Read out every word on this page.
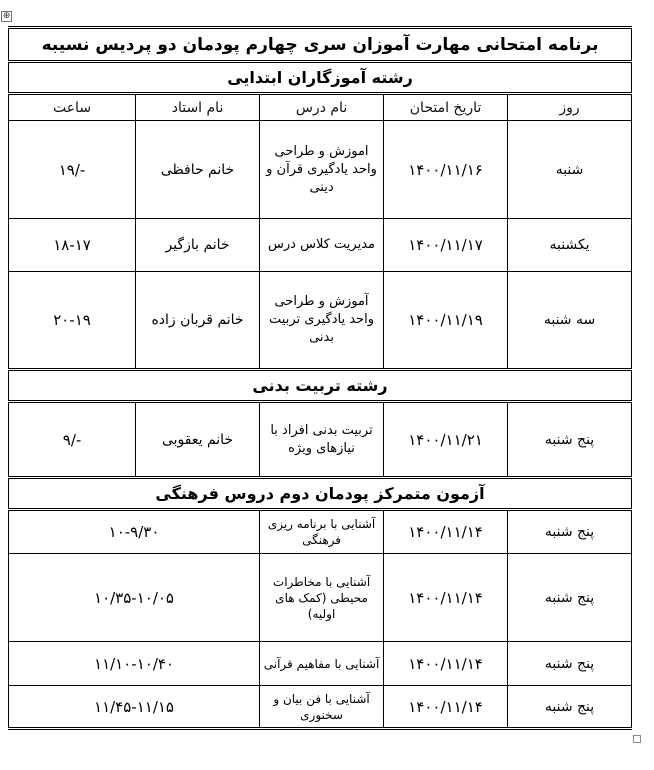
⊕
برنامه امتحانی مهارت آموزان سری چهارم پودمان دو پردیس نسیبه				
رشته آموزگاران ابتدایی				
روز	تاریخ امتحان	نام درس	نام استاد	ساعت
شنبه	۱۴۰۰/۱۱/۱۶	اموزش و طراحی واحد یادگیری قرآن و دینی	خانم حافظی	-/۱۹
یکشنبه	۱۴۰۰/۱۱/۱۷	مدیریت کلاس درس	خانم بازگیر	۱۸-۱۷
سه شنبه	۱۴۰۰/۱۱/۱۹	آموزش و طراحی واحد یادگیری تربیت بدنی	خانم قربان زاده	۲۰-۱۹
رشته تربیت بدنی				
پنج شنبه	۱۴۰۰/۱۱/۲۱	تربیت بدنی افراد با نیازهای ویژه	خانم یعقوبی	-/۹
آزمون متمرکز پودمان دوم دروس فرهنگی				
پنج شنبه	۱۴۰۰/۱۱/۱۴	آشنایی با برنامه ریزی فرهنگی	۱۰-۹/۳۰	
پنج شنبه	۱۴۰۰/۱۱/۱۴	آشنایی با مخاطرات محیطی (کمک های اولیه)	۱۰/۳۵-۱۰/۰۵	
پنج شنبه	۱۴۰۰/۱۱/۱۴	آشنایی با مفاهیم قرآنی	۱۱/۱۰-۱۰/۴۰	
پنج شنبه	۱۴۰۰/۱۱/۱۴	آشنایی با فن بیان و سخنوری	۱۱/۴۵-۱۱/۱۵	
